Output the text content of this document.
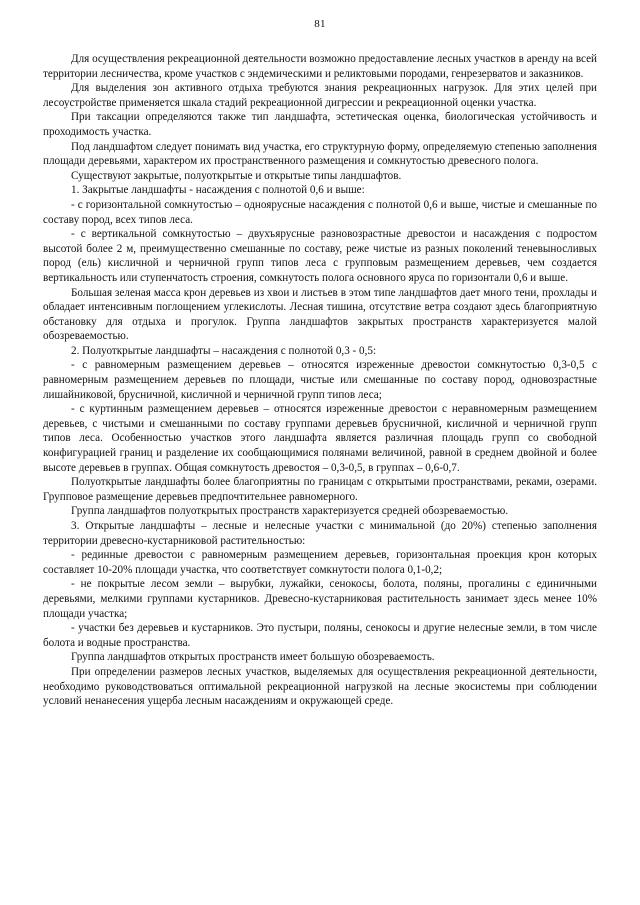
81

Для осуществления рекреационной деятельности возможно предоставление лесных участков в аренду на всей территории лесничества, кроме участков с эндемическими и реликтовыми породами, генрезерватов и заказников.

Для выделения зон активного отдыха требуются знания рекреационных нагрузок. Для этих целей при лесоустройстве применяется шкала стадий рекреационной дигрессии и рекреационной оценки участка.

При таксации определяются также тип ландшафта, эстетическая оценка, биологическая устойчивость и проходимость участка.

Под ландшафтом следует понимать вид участка, его структурную форму, определяемую степенью заполнения площади деревьями, характером их пространственного размещения и сомкнутостью древесного полога.

Существуют закрытые, полуоткрытые и открытые типы ландшафтов.

1. Закрытые ландшафты - насаждения с полнотой 0,6 и выше:

- с горизонтальной сомкнутостью – одноярусные насаждения с полнотой 0,6 и выше, чистые и смешанные по составу пород, всех типов леса.

- с вертикальной сомкнутостью – двухъярусные разновозрастные древостои и насаждения с подростом высотой более 2 м, преимущественно смешанные по составу, реже чистые из разных поколений теневыносливых пород (ель) кисличной и черничной групп типов леса с групповым размещением деревьев, чем создается вертикальность или ступенчатость строения, сомкнутость полога основного яруса по горизонтали 0,6 и выше.

Большая зеленая масса крон деревьев из хвои и листьев в этом типе ландшафтов дает много тени, прохлады и обладает интенсивным поглощением углекислоты. Лесная тишина, отсутствие ветра создают здесь благоприятную обстановку для отдыха и прогулок. Группа ландшафтов закрытых пространств характеризуется малой обозреваемостью.

2. Полуоткрытые ландшафты – насаждения с полнотой 0,3 - 0,5:

- с равномерным размещением деревьев – относятся изреженные древостои сомкнутостью 0,3-0,5 с равномерным размещением деревьев по площади, чистые или смешанные по составу пород, одновозрастные лишайниковой, брусничной, кисличной и черничной групп типов леса;

- с куртинным размещением деревьев – относятся изреженные древостои с неравномерным размещением деревьев, с чистыми и смешанными по составу группами деревьев брусничной, кисличной и черничной групп типов леса. Особенностью участков этого ландшафта является различная площадь групп со свободной конфигурацией границ и разделение их сообщающимися полянами величиной, равной в среднем двойной и более высоте деревьев в группах. Общая сомкнутость древостоя – 0,3-0,5, в группах – 0,6-0,7.

Полуоткрытые ландшафты более благоприятны по границам с открытыми пространствами, реками, озерами. Групповое размещение деревьев предпочтительнее равномерного.

Группа ландшафтов полуоткрытых пространств характеризуется средней обозреваемостью.

3. Открытые ландшафты – лесные и нелесные участки с минимальной (до 20%) степенью заполнения территории древесно-кустарниковой растительностью:

- рединные древостои с равномерным размещением деревьев, горизонтальная проекция крон которых составляет 10-20% площади участка, что соответствует сомкнутости полога 0,1-0,2;

- не покрытые лесом земли – вырубки, лужайки, сенокосы, болота, поляны, прогалины с единичными деревьями, мелкими группами кустарников. Древесно-кустарниковая растительность занимает здесь менее 10% площади участка;

- участки без деревьев и кустарников. Это пустыри, поляны, сенокосы и другие нелесные земли, в том числе болота и водные пространства.

Группа ландшафтов открытых пространств имеет большую обозреваемость.

При определении размеров лесных участков, выделяемых для осуществления рекреационной деятельности, необходимо руководствоваться оптимальной рекреационной нагрузкой на лесные экосистемы при соблюдении условий ненанесения ущерба лесным насаждениям и окружающей среде.
